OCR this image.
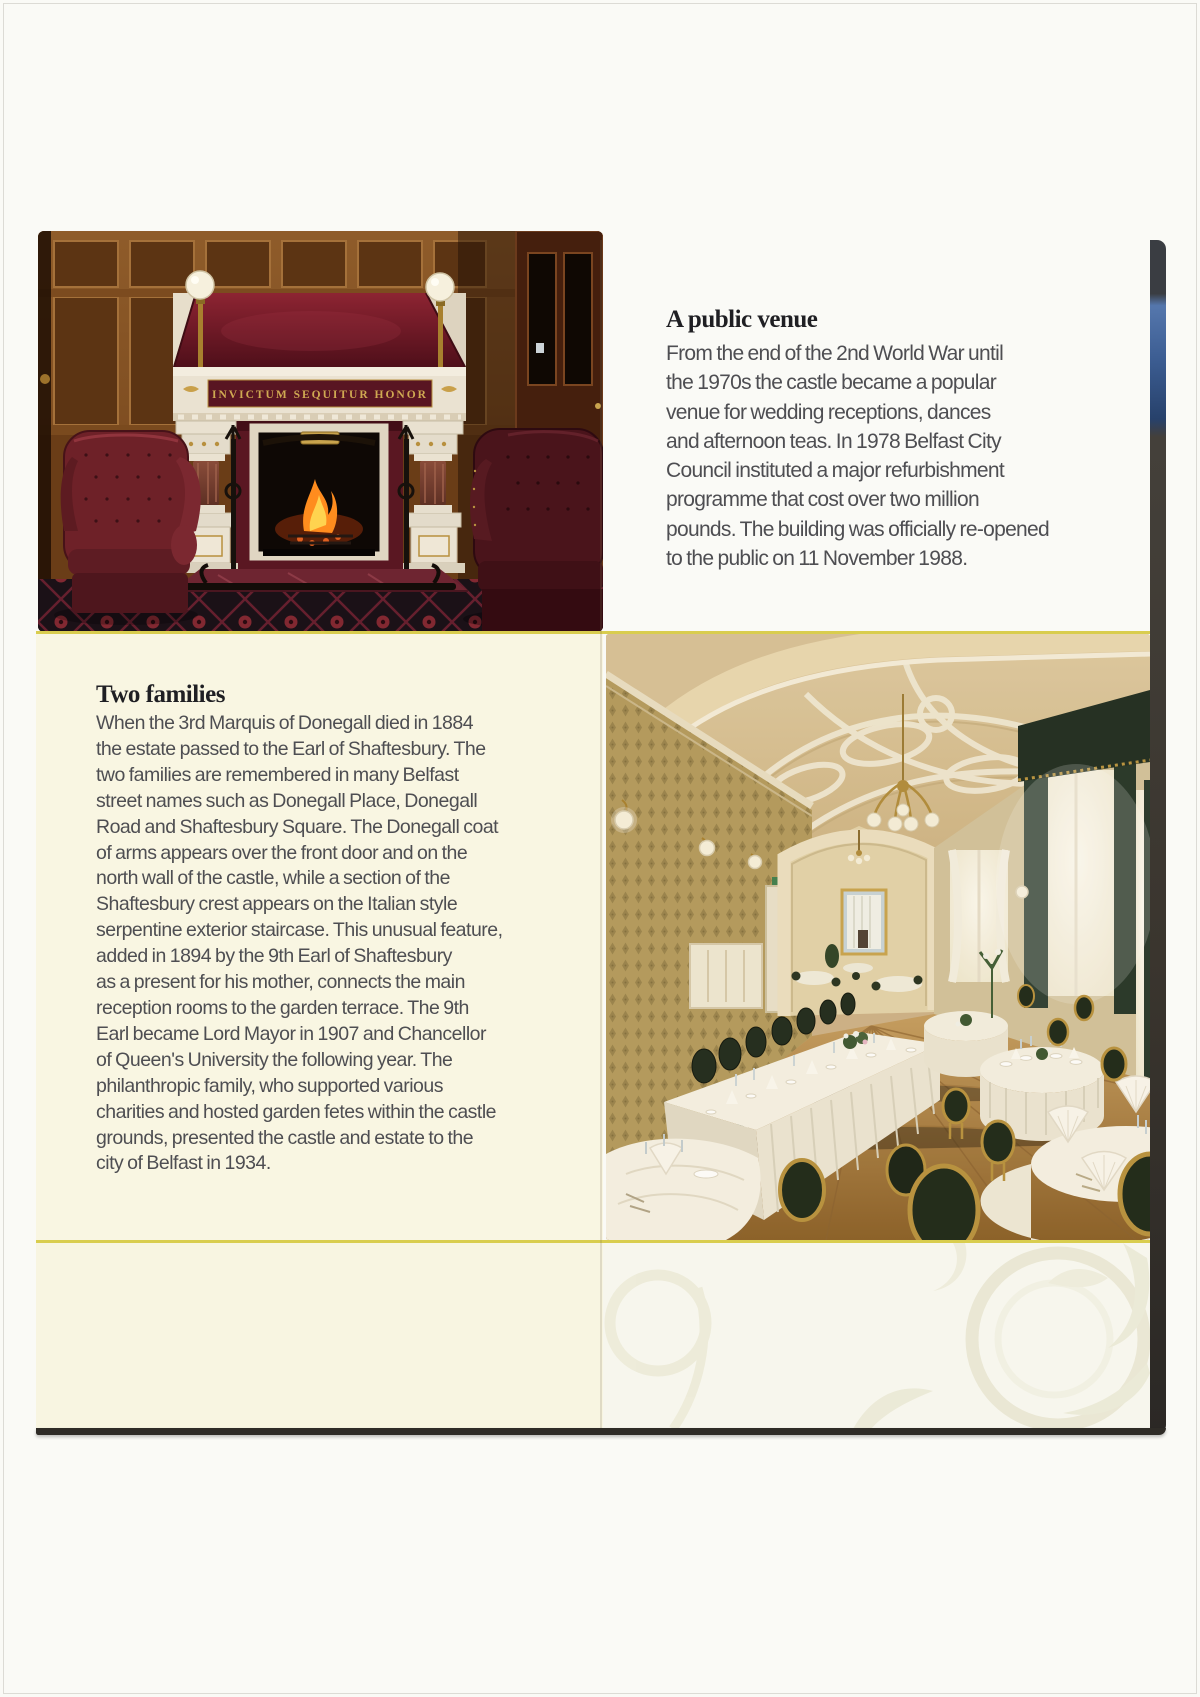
INVICTUM SEQUITUR HONOR
A public venue
From the end of the 2nd World War until
the 1970s the castle became a popular
venue for wedding receptions, dances
and afternoon teas. In 1978 Belfast City
Council instituted a major refurbishment
programme that cost over two million
pounds. The building was officially re-opened
to the public on 11 November 1988.
Two families
When the 3rd Marquis of Donegall died in 1884
the estate passed to the Earl of Shaftesbury. The
two families are remembered in many Belfast
street names such as Donegall Place, Donegall
Road and Shaftesbury Square. The Donegall coat
of arms appears over the front door and on the
north wall of the castle, while a section of the
Shaftesbury crest appears on the Italian style
serpentine exterior staircase. This unusual feature,
added in 1894 by the 9th Earl of Shaftesbury
as a present for his mother, connects the main
reception rooms to the garden terrace. The 9th
Earl became Lord Mayor in 1907 and Chancellor
of Queen's University the following year. The
philanthropic family, who supported various
charities and hosted garden fetes within the castle
grounds, presented the castle and estate to the
city of Belfast in 1934.
